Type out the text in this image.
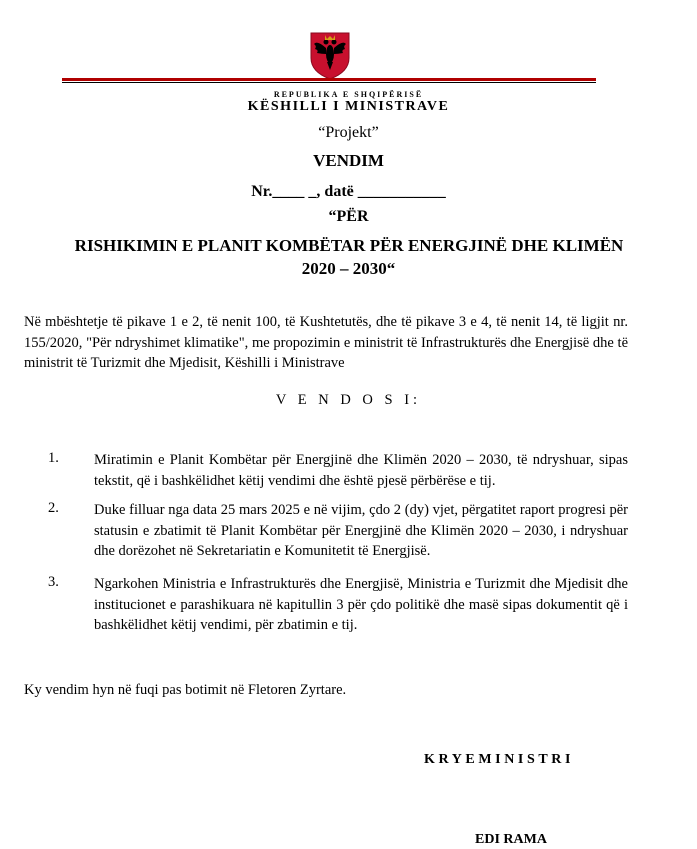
REPUBLIKA E SHQIPËRISË
KËSHILLI I MINISTRAVE
“Projekt”
VENDIM
Nr.____ _, datë ___________
“PËR
RISHIKIMIN E PLANIT KOMBËTAR PËR ENERGJINË DHE KLIMËN
2020 – 2030“
Në mbështetje të pikave 1 e 2, të nenit 100, të Kushtetutës, dhe të pikave 3 e 4, të nenit 14, të ligjit nr. 155/2020, "Për ndryshimet klimatike", me propozimin e ministrit të Infrastrukturës dhe Energjisë dhe të ministrit të Turizmit dhe Mjedisit, Këshilli i Ministrave
V E N D O S I:
1. Miratimin e Planit Kombëtar për Energjinë dhe Klimën 2020 – 2030, të ndryshuar, sipas tekstit, që i bashkëlidhet këtij vendimi dhe është pjesë përbërëse e tij.
2. Duke filluar nga data 25 mars 2025 e në vijim, çdo 2 (dy) vjet, përgatitet raport progresi për statusin e zbatimit të Planit Kombëtar për Energjinë dhe Klimën 2020 – 2030, i ndryshuar dhe dorëzohet në Sekretariatin e Komunitetit të Energjisë.
3. Ngarkohen Ministria e Infrastrukturës dhe Energjisë, Ministria e Turizmit dhe Mjedisit dhe institucionet e parashikuara në kapitullin 3 për çdo politikë dhe masë sipas dokumentit që i bashkëlidhet këtij vendimi, për zbatimin e tij.
Ky vendim hyn në fuqi pas botimit në Fletoren Zyrtare.
KRYEMINISTRI
EDI RAMA
